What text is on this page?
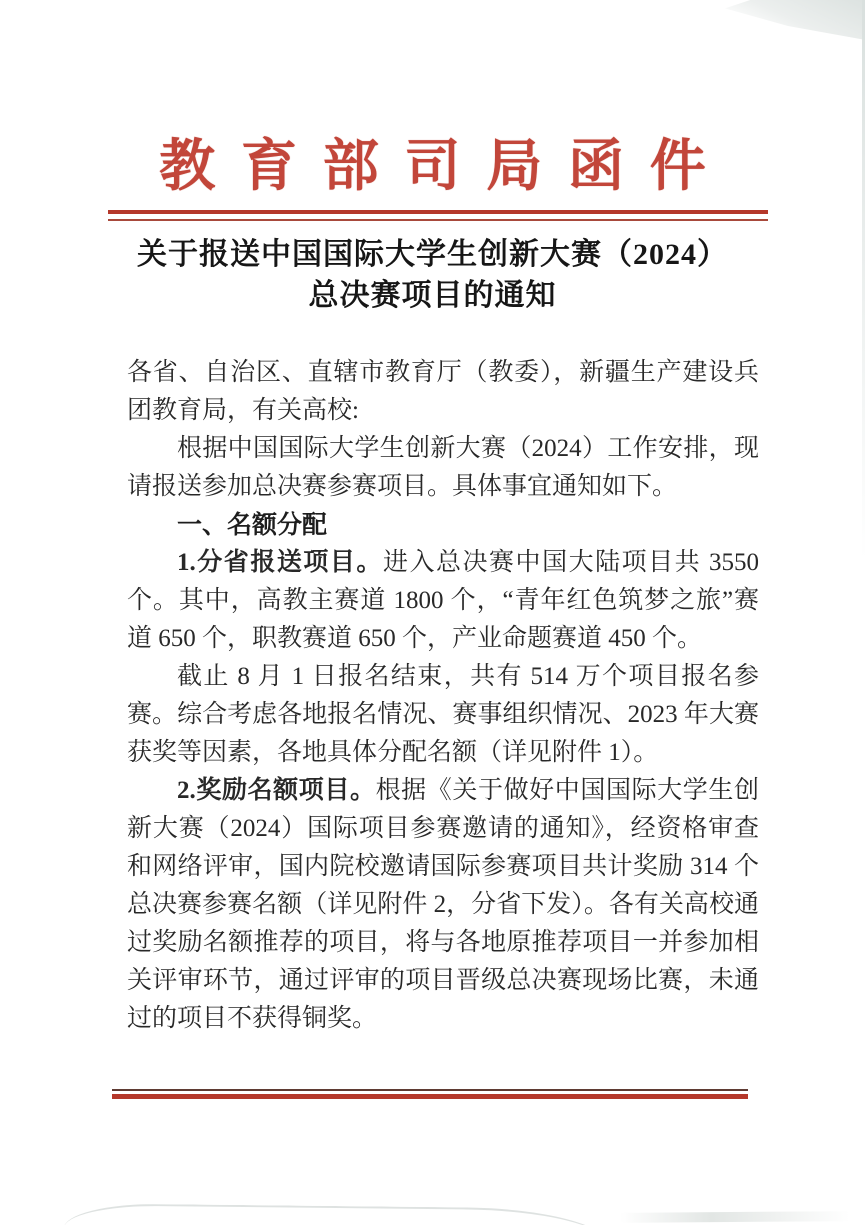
教育部司局函件
关于报送中国国际大学生创新大赛（2024）
总决赛项目的通知

各省、自治区、直辖市教育厅（教委），新疆生产建设兵团教育局，有关高校:

根据中国国际大学生创新大赛（2024）工作安排，现请报送参加总决赛参赛项目。具体事宜通知如下。

一、名额分配

1.分省报送项目。进入总决赛中国大陆项目共 3550 个。其中，高教主赛道 1800 个，“青年红色筑梦之旅”赛道 650 个，职教赛道 650 个，产业命题赛道 450 个。

截止 8 月 1 日报名结束，共有 514 万个项目报名参赛。综合考虑各地报名情况、赛事组织情况、2023 年大赛获奖等因素，各地具体分配名额（详见附件 1）。

2.奖励名额项目。根据《关于做好中国国际大学生创新大赛（2024）国际项目参赛邀请的通知》，经资格审查和网络评审，国内院校邀请国际参赛项目共计奖励 314 个总决赛参赛名额（详见附件 2，分省下发）。各有关高校通过奖励名额推荐的项目，将与各地原推荐项目一并参加相关评审环节，通过评审的项目晋级总决赛现场比赛，未通过的项目不获得铜奖。
